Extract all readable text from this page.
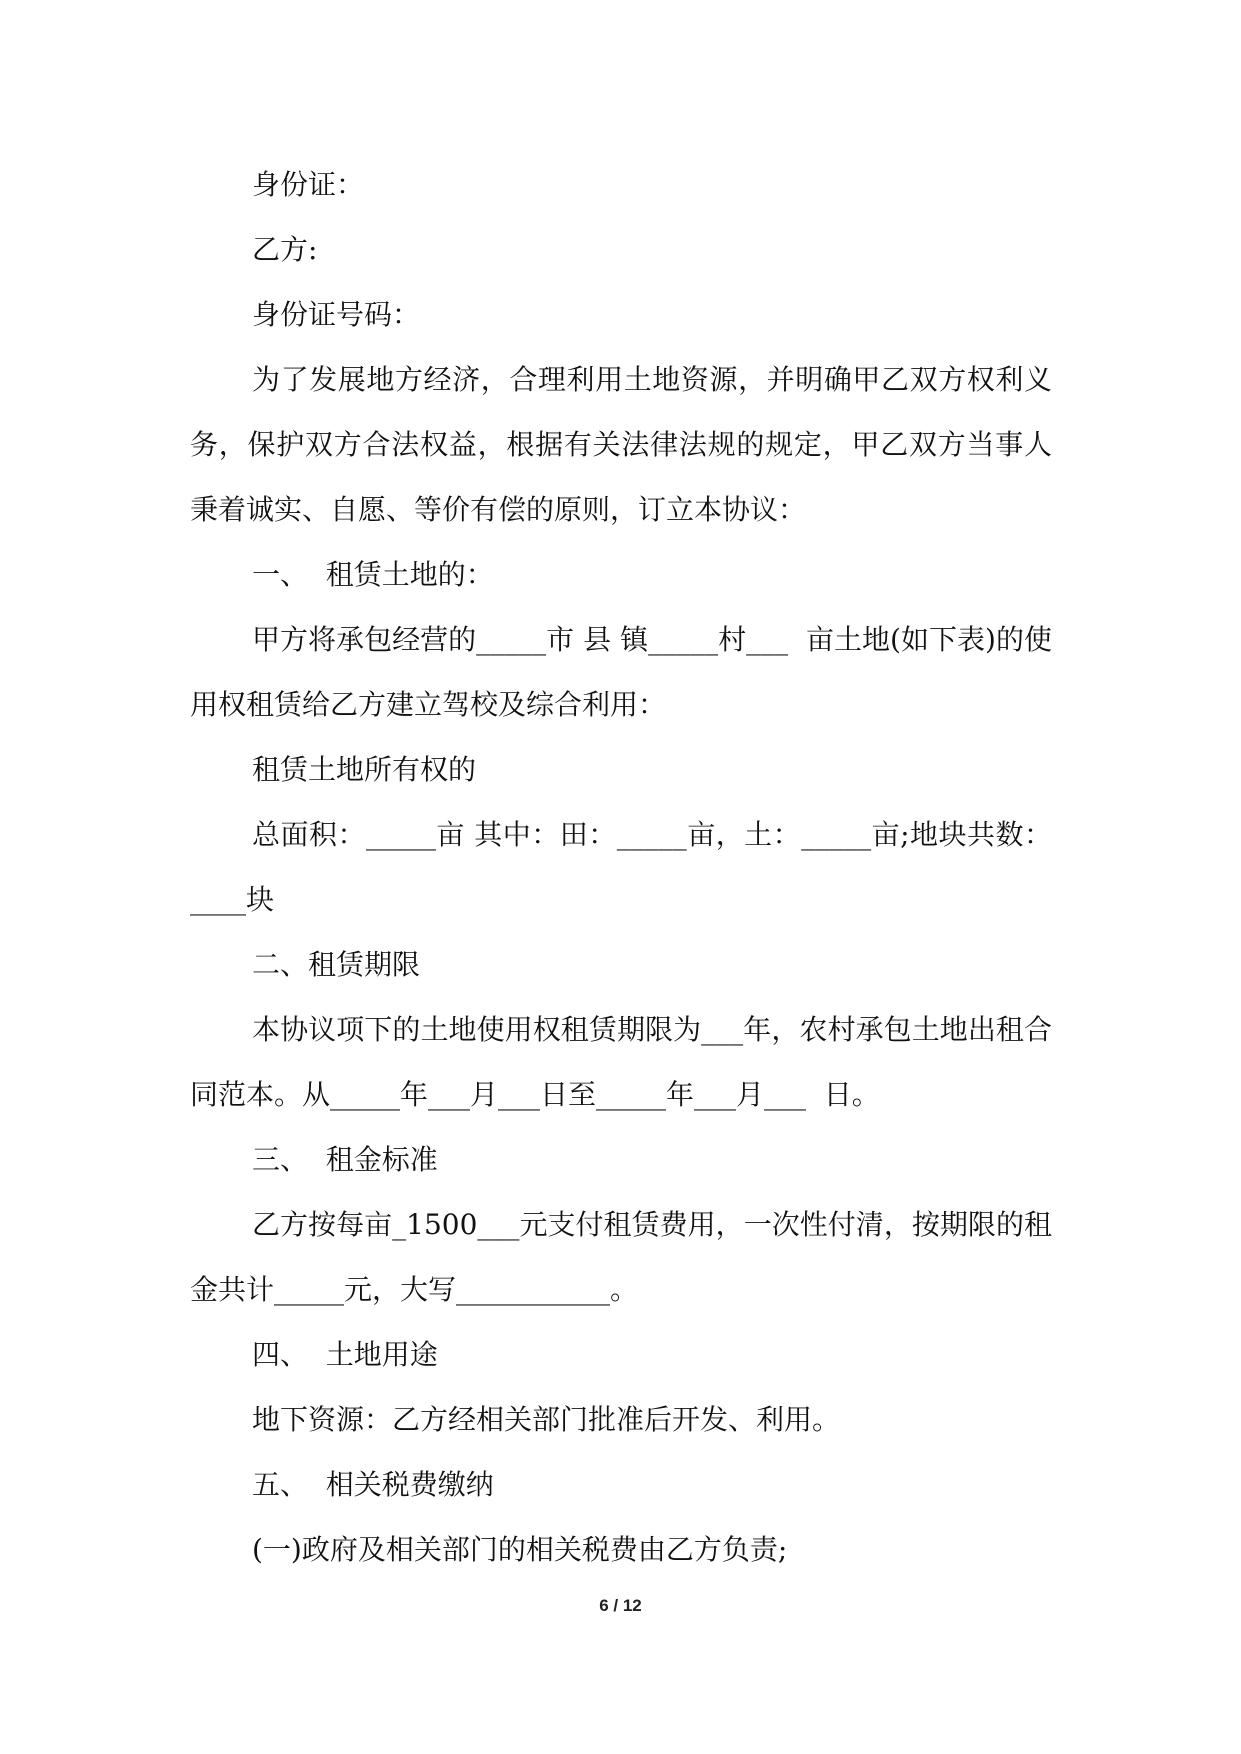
身份证：

乙方:

身份证号码：

为了发展地方经济，合理利用土地资源，并明确甲乙双方权利义务，保护双方合法权益，根据有关法律法规的规定，甲乙双方当事人秉着诚实、自愿、等价有偿的原则，订立本协议：

一、  租赁土地的：

甲方将承包经营的_____市 县 镇_____村___  亩土地(如下表)的使用权租赁给乙方建立驾校及综合利用：

租赁土地所有权的

总面积：_____亩 其中：田：_____亩，土：_____亩;地块共数：____块

二、租赁期限

本协议项下的土地使用权租赁期限为___年，农村承包土地出租合同范本。从_____年___月___日至_____年___月___  日。

三、  租金标准

乙方按每亩_1500___元支付租赁费用，一次性付清，按期限的租金共计_____元，大写___________。

四、  土地用途

地下资源：乙方经相关部门批准后开发、利用。

五、  相关税费缴纳

(一)政府及相关部门的相关税费由乙方负责;

6 / 12
